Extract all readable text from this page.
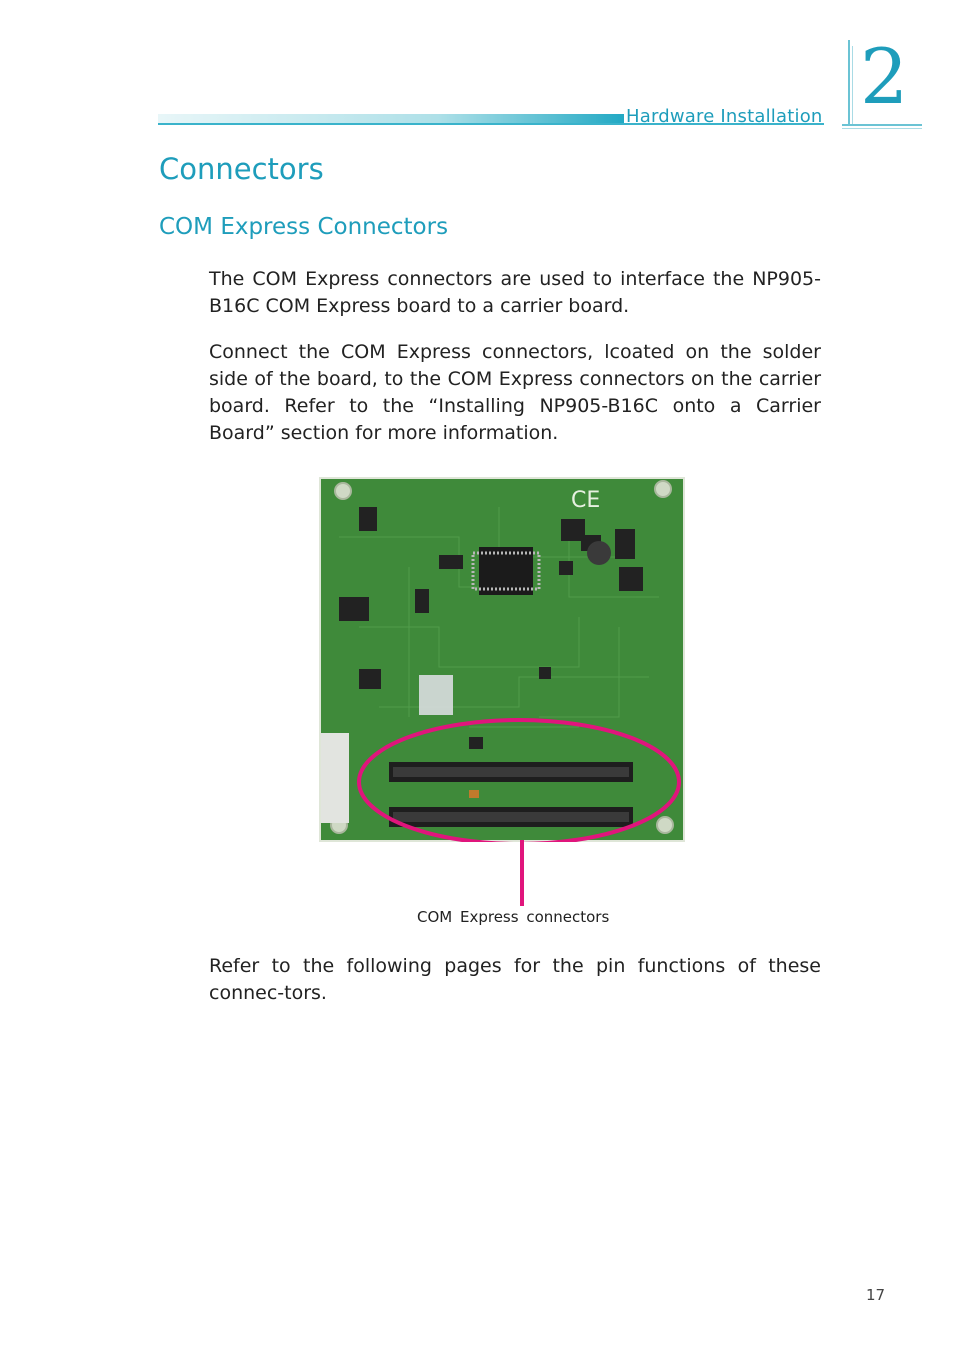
Hardware Installation 2
Connectors
COM Express Connectors

The COM Express connectors are used to interface the NP905-B16C COM Express board to a carrier board.

Connect the COM Express connectors, lcoated on the solder side of the board, to the COM Express connectors on the carrier board. Refer to the “Installing NP905-B16C onto a Carrier Board” section for more information.

CE
COM Express connectors

Refer to the following pages for the pin functions of these connec-tors.

17
